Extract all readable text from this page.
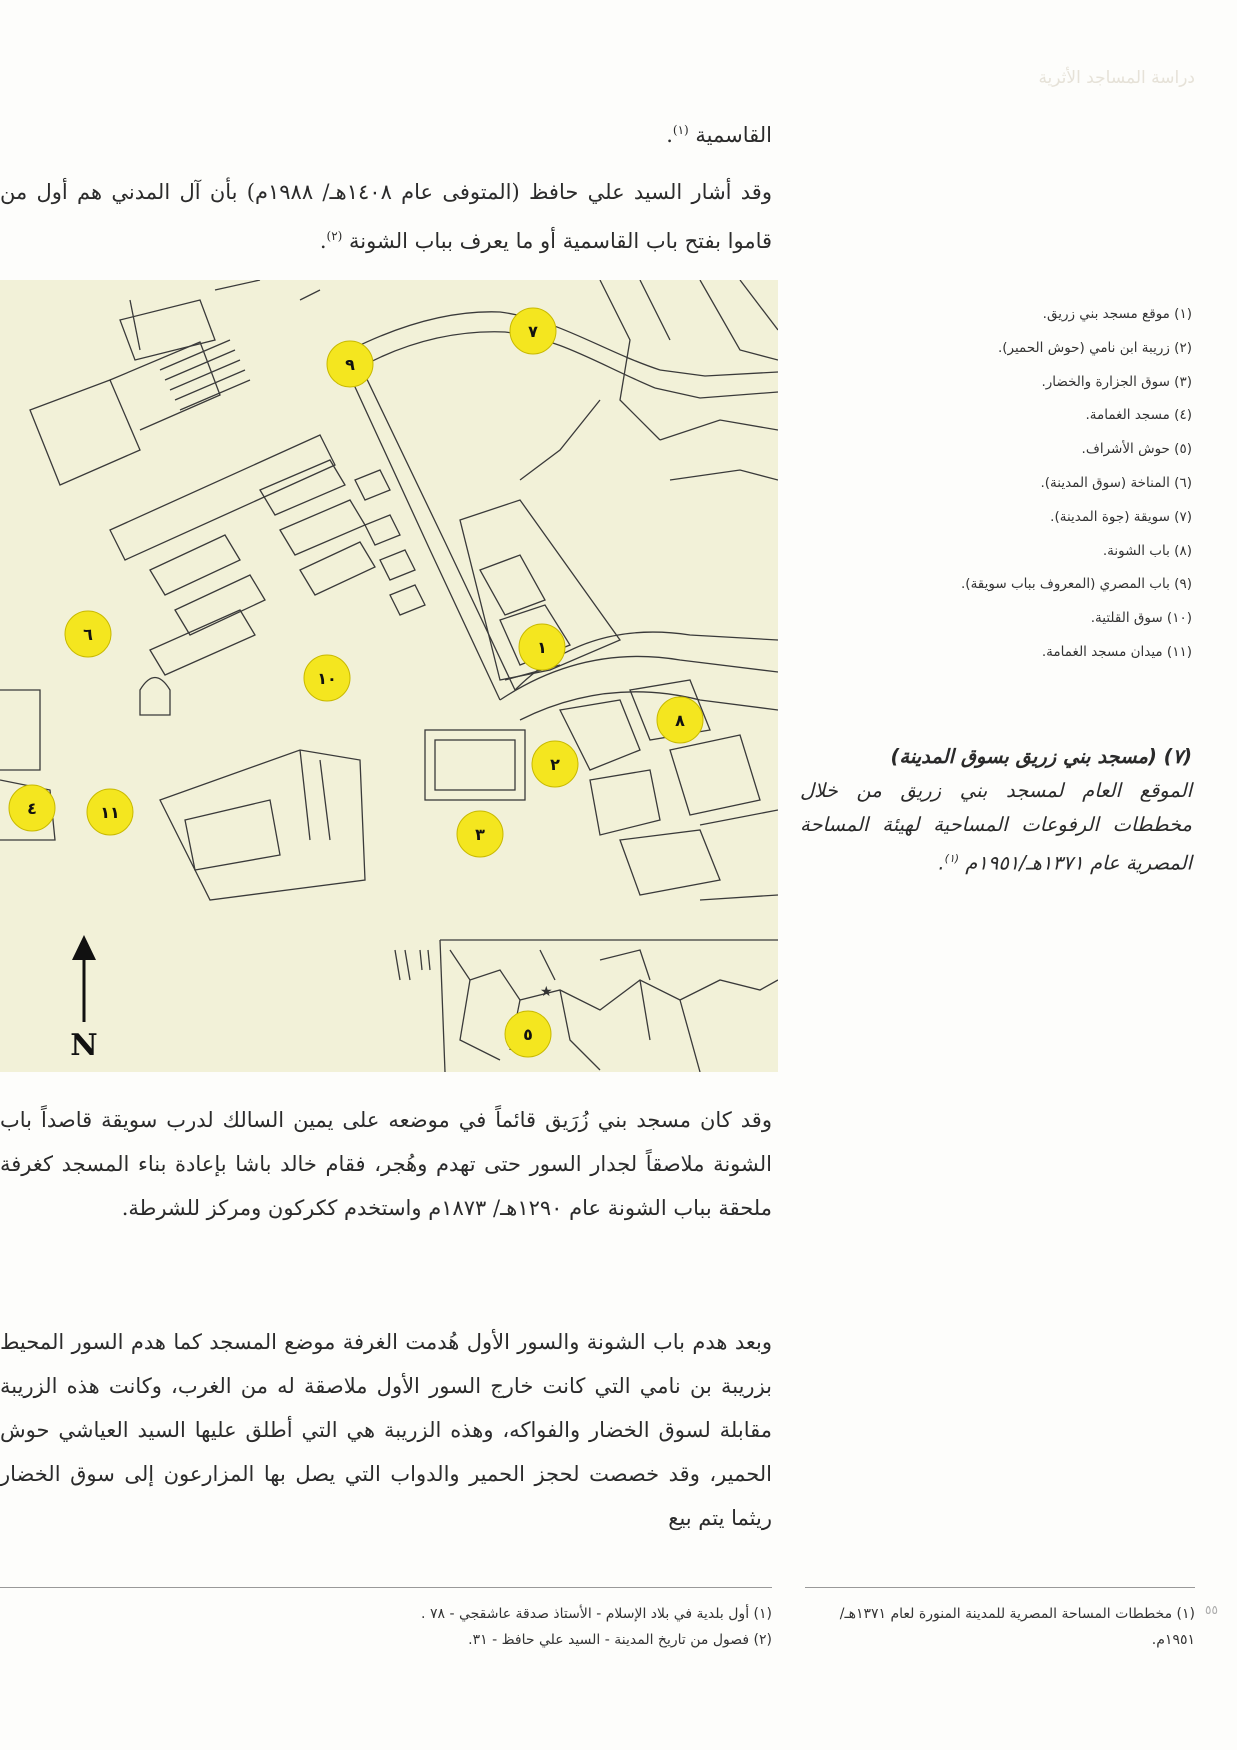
دراسة المساجد الأثرية

القاسمية $^{(١)}$.

وقد أشار السيد علي حافظ (المتوفى عام ١٤٠٨هـ/ ١٩٨٨م) بأن آل المدني هم أول من قاموا بفتح باب القاسمية أو ما يعرف بباب الشونة $^{(٢)}$.

★
N
١
٢
٣
٤
٥
٦
٧
٨
٩
١٠
١١
(١) موقع مسجد بني زريق.
(٢) زريبة ابن نامي (حوش الحمير).
(٣) سوق الجزارة والخضار.
(٤) مسجد الغمامة.
(٥) حوش الأشراف.
(٦) المناخة (سوق المدينة).
(٧) سويقة (جوة المدينة).
(٨) باب الشونة.
(٩) باب المصري (المعروف بباب سويقة).
(١٠) سوق القلتية.
(١١) ميدان مسجد الغمامة.

(٧) (مسجد بني زريق بسوق المدينة)
الموقع العام لمسجد بني زريق من خلال مخططات الرفوعات المساحية لهيئة المساحة المصرية عام ١٣٧١هـ/١٩٥١م $^{(١)}$.

وقد كان مسجد بني زُرَيق قائماً في موضعه على يمين السالك لدرب سويقة قاصداً باب الشونة ملاصقاً لجدار السور حتى تهدم وهُجر، فقام خالد باشا بإعادة بناء المسجد كغرفة ملحقة بباب الشونة عام ١٢٩٠هـ/ ١٨٧٣م واستخدم ككركون ومركز للشرطة.

وبعد هدم باب الشونة والسور الأول هُدمت الغرفة موضع المسجد كما هدم السور المحيط بزريبة بن نامي التي كانت خارج السور الأول ملاصقة له من الغرب، وكانت هذه الزريبة مقابلة لسوق الخضار والفواكه، وهذه الزريبة هي التي أطلق عليها السيد العياشي حوش الحمير، وقد خصصت لحجز الحمير والدواب التي يصل بها المزارعون إلى سوق الخضار ريثما يتم بيع

(١) أول بلدية في بلاد الإسلام - الأستاذ صدقة عاشقجي - ٧٨ .
(٢) فصول من تاريخ المدينة - السيد علي حافظ - ٣١.
(١) مخططات المساحة المصرية للمدينة المنورة لعام ١٣٧١هـ/ ١٩٥١م.
٥٥
